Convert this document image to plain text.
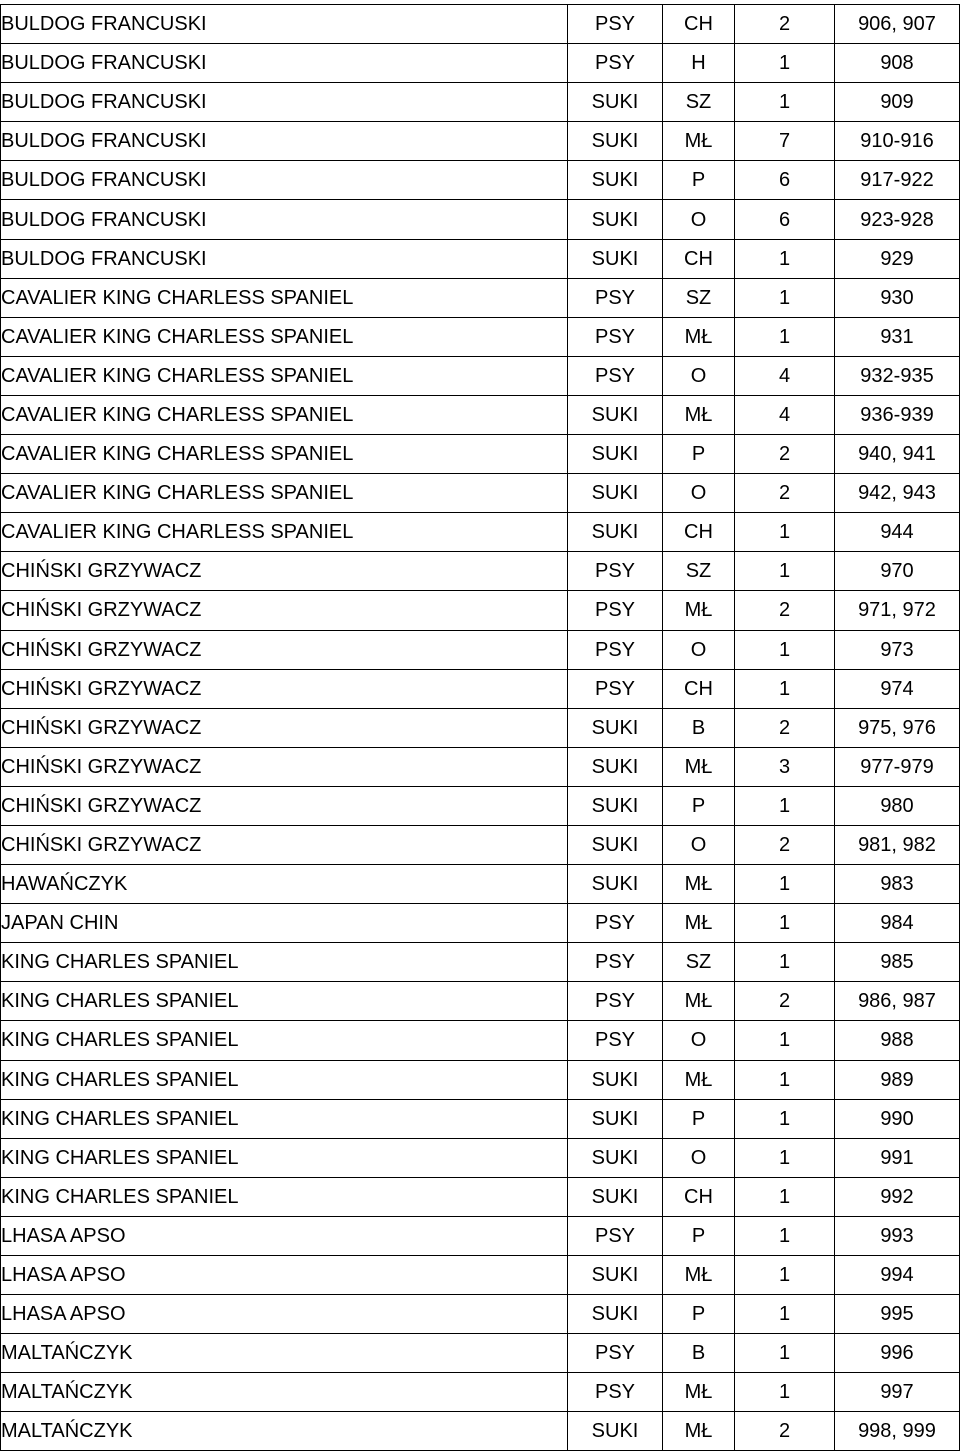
BULDOG FRANCUSKI	PSY	CH	2	906, 907
BULDOG FRANCUSKI	PSY	H	1	908
BULDOG FRANCUSKI	SUKI	SZ	1	909
BULDOG FRANCUSKI	SUKI	MŁ	7	910-916
BULDOG FRANCUSKI	SUKI	P	6	917-922
BULDOG FRANCUSKI	SUKI	O	6	923-928
BULDOG FRANCUSKI	SUKI	CH	1	929
CAVALIER KING CHARLESS SPANIEL	PSY	SZ	1	930
CAVALIER KING CHARLESS SPANIEL	PSY	MŁ	1	931
CAVALIER KING CHARLESS SPANIEL	PSY	O	4	932-935
CAVALIER KING CHARLESS SPANIEL	SUKI	MŁ	4	936-939
CAVALIER KING CHARLESS SPANIEL	SUKI	P	2	940, 941
CAVALIER KING CHARLESS SPANIEL	SUKI	O	2	942, 943
CAVALIER KING CHARLESS SPANIEL	SUKI	CH	1	944
CHIŃSKI GRZYWACZ	PSY	SZ	1	970
CHIŃSKI GRZYWACZ	PSY	MŁ	2	971, 972
CHIŃSKI GRZYWACZ	PSY	O	1	973
CHIŃSKI GRZYWACZ	PSY	CH	1	974
CHIŃSKI GRZYWACZ	SUKI	B	2	975, 976
CHIŃSKI GRZYWACZ	SUKI	MŁ	3	977-979
CHIŃSKI GRZYWACZ	SUKI	P	1	980
CHIŃSKI GRZYWACZ	SUKI	O	2	981, 982
HAWAŃCZYK	SUKI	MŁ	1	983
JAPAN CHIN	PSY	MŁ	1	984
KING CHARLES SPANIEL	PSY	SZ	1	985
KING CHARLES SPANIEL	PSY	MŁ	2	986, 987
KING CHARLES SPANIEL	PSY	O	1	988
KING CHARLES SPANIEL	SUKI	MŁ	1	989
KING CHARLES SPANIEL	SUKI	P	1	990
KING CHARLES SPANIEL	SUKI	O	1	991
KING CHARLES SPANIEL	SUKI	CH	1	992
LHASA APSO	PSY	P	1	993
LHASA APSO	SUKI	MŁ	1	994
LHASA APSO	SUKI	P	1	995
MALTAŃCZYK	PSY	B	1	996
MALTAŃCZYK	PSY	MŁ	1	997
MALTAŃCZYK	SUKI	MŁ	2	998, 999
